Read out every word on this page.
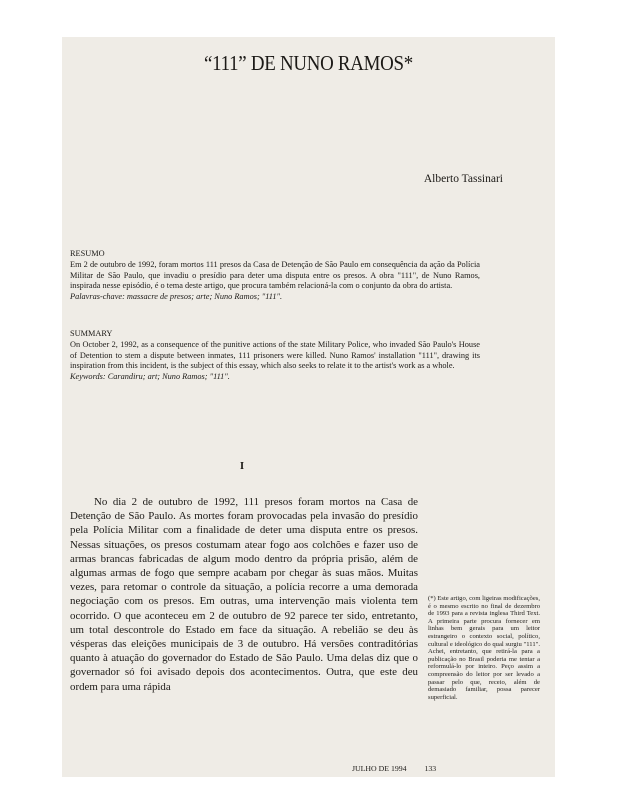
“111” DE NUNO RAMOS*
Alberto Tassinari

RESUMO

Em 2 de outubro de 1992, foram mortos 111 presos da Casa de Detenção de São Paulo em consequência da ação da Polícia Militar de São Paulo, que invadiu o presídio para deter uma disputa entre os presos. A obra "111", de Nuno Ramos, inspirada nesse episódio, é o tema deste artigo, que procura também relacioná-la com o conjunto da obra do artista.

Palavras-chave: massacre de presos; arte; Nuno Ramos; "111".

SUMMARY

On October 2, 1992, as a consequence of the punitive actions of the state Military Police, who invaded São Paulo's House of Detention to stem a dispute between inmates, 111 prisoners were killed. Nuno Ramos' installation "111", drawing its inspiration from this incident, is the subject of this essay, which also seeks to relate it to the artist's work as a whole.

Keywords: Carandiru; art; Nuno Ramos; "111".

I

No dia 2 de outubro de 1992, 111 presos foram mortos na Casa de Detenção de São Paulo. As mortes foram provocadas pela invasão do presídio pela Polícia Militar com a finalidade de deter uma disputa entre os presos. Nessas situações, os presos costumam atear fogo aos colchões e fazer uso de armas brancas fabricadas de algum modo dentro da própria prisão, além de algumas armas de fogo que sempre acabam por chegar às suas mãos. Muitas vezes, para retomar o controle da situação, a polícia recorre a uma demorada negociação com os presos. Em outras, uma intervenção mais violenta tem ocorrido. O que aconteceu em 2 de outubro de 92 parece ter sido, entretanto, um total descontrole do Estado em face da situação. A rebelião se deu às vésperas das eleições municipais de 3 de outubro. Há versões contraditórias quanto à atuação do governador do Estado de São Paulo. Uma delas diz que o governador só foi avisado depois dos acontecimentos. Outra, que este deu ordem para uma rápida

(*) Este artigo, com ligeiras modificações, é o mesmo escrito no final de dezembro de 1993 para a revista inglesa Third Text. A primeira parte procura fornecer em linhas bem gerais para um leitor estrangeiro o contexto social, político, cultural e ideológico do qual surgiu "111". Achei, entretanto, que retirá-la para a publicação no Brasil poderia me tentar a reformulá-lo por inteiro. Peço assim a compreensão do leitor por ser levado a passar pelo que, receio, além de demasiado familiar, possa parecer superficial.

JULHO DE 1994 133
